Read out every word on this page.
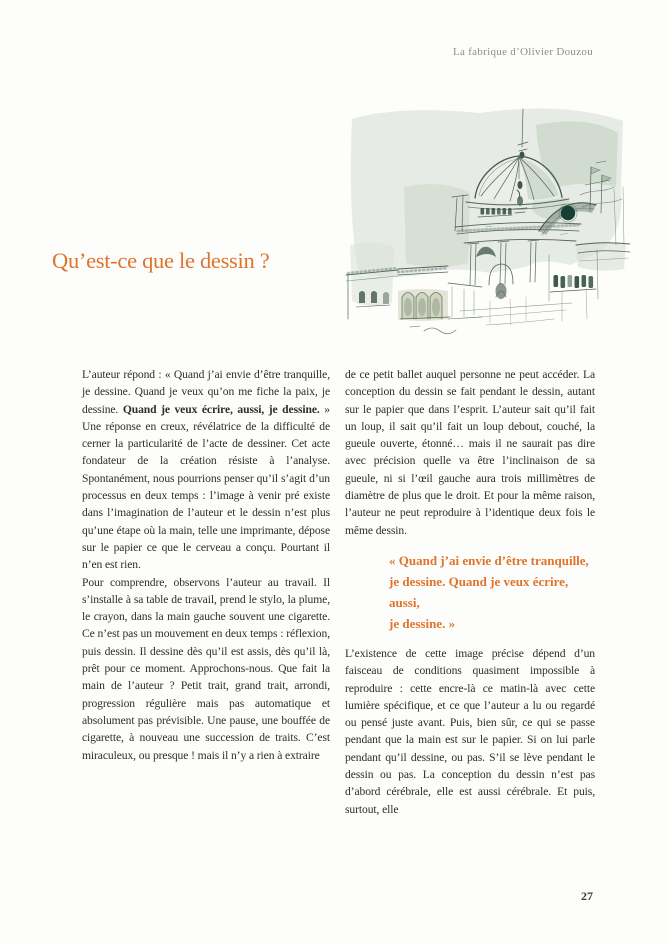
La fabrique d’Olivier Douzou
Qu’est-ce que le dessin ?

L’auteur répond : « Quand j’ai envie d’être tranquille, je dessine. Quand je veux qu’on me fiche la paix, je dessine. Quand je veux écrire, aussi, je dessine. » Une réponse en creux, révélatrice de la difficulté de cerner la particularité de l’acte de dessiner. Cet acte fondateur de la création résiste à l’analyse. Spontanément, nous pourrions penser qu’il s’agit d’un processus en deux temps : l’image à venir pré existe dans l’imagination de l’auteur et le dessin n’est plus qu’une étape où la main, telle une imprimante, dépose sur le papier ce que le cerveau a conçu. Pourtant il n’en est rien.

Pour comprendre, observons l’auteur au travail. Il s’installe à sa table de travail, prend le stylo, la plume, le crayon, dans la main gauche souvent une cigarette. Ce n’est pas un mouvement en deux temps : réflexion, puis dessin. Il dessine dès qu’il est assis, dès qu’il là, prêt pour ce moment. Approchons-nous. Que fait la main de l’auteur ? Petit trait, grand trait, arrondi, progression régulière mais pas automatique et absolument pas prévisible. Une pause, une bouffée de cigarette, à nouveau une succession de traits. C’est miraculeux, ou presque ! mais il n’y a rien à extraire

de ce petit ballet auquel personne ne peut accéder. La conception du dessin se fait pendant le dessin, autant sur le papier que dans l’esprit. L’auteur sait qu’il fait un loup, il sait qu’il fait un loup debout, couché, la gueule ouverte, étonné… mais il ne saurait pas dire avec précision quelle va être l’inclinaison de sa gueule, ni si l’œil gauche aura trois millimètres de diamètre de plus que le droit. Et pour la même raison, l’auteur ne peut reproduire à l’identique deux fois le même dessin.

« Quand j’ai envie d’être tranquille,
je dessine. Quand je veux écrire, aussi,
je dessine. »

L’existence de cette image précise dépend d’un faisceau de conditions quasiment impossible à reproduire : cette encre-là ce matin-là avec cette lumière spécifique, et ce que l’auteur a lu ou regardé ou pensé juste avant. Puis, bien sûr, ce qui se passe pendant que la main est sur le papier. Si on lui parle pendant qu’il dessine, ou pas. S’il se lève pendant le dessin ou pas. La conception du dessin n’est pas d’abord cérébrale, elle est aussi cérébrale. Et puis, surtout, elle

27
